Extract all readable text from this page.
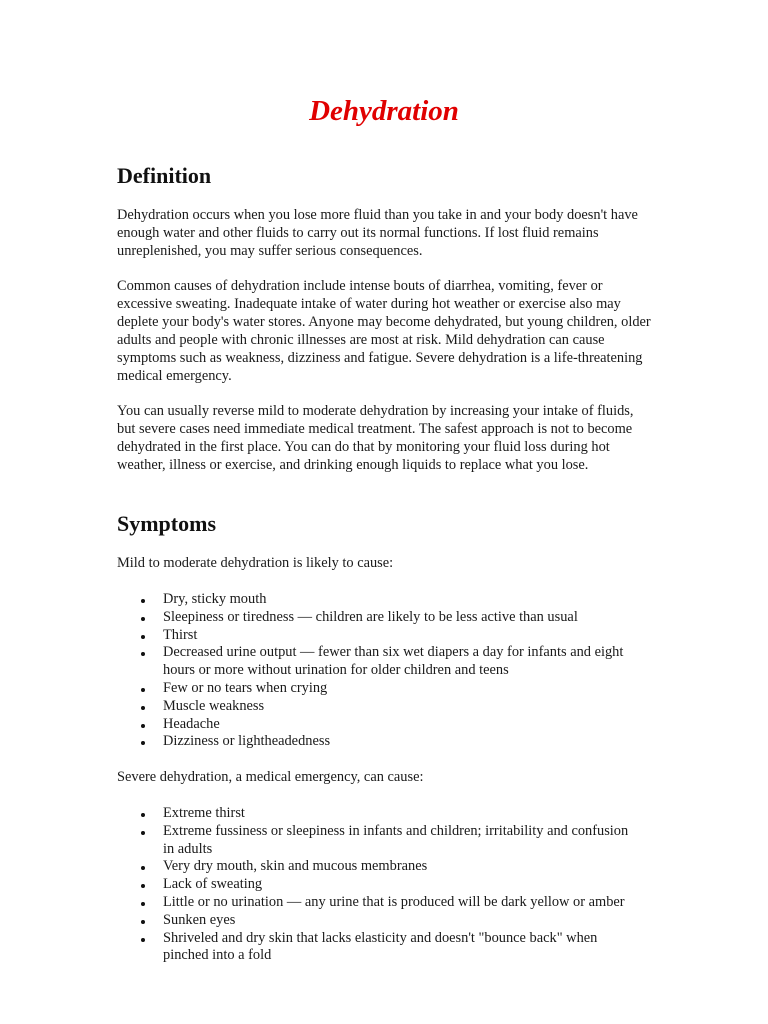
Dehydration
Definition

Dehydration occurs when you lose more fluid than you take in and your body doesn't have enough water and other fluids to carry out its normal functions. If lost fluid remains unreplenished, you may suffer serious consequences.

Common causes of dehydration include intense bouts of diarrhea, vomiting, fever or excessive sweating. Inadequate intake of water during hot weather or exercise also may deplete your body's water stores. Anyone may become dehydrated, but young children, older adults and people with chronic illnesses are most at risk. Mild dehydration can cause symptoms such as weakness, dizziness and fatigue. Severe dehydration is a life-threatening medical emergency.

You can usually reverse mild to moderate dehydration by increasing your intake of fluids, but severe cases need immediate medical treatment. The safest approach is not to become dehydrated in the first place. You can do that by monitoring your fluid loss during hot weather, illness or exercise, and drinking enough liquids to replace what you lose.

Symptoms

Mild to moderate dehydration is likely to cause:

Dry, sticky mouth
Sleepiness or tiredness — children are likely to be less active than usual
Thirst
Decreased urine output — fewer than six wet diapers a day for infants and eight hours or more without urination for older children and teens
Few or no tears when crying
Muscle weakness
Headache
Dizziness or lightheadedness

Severe dehydration, a medical emergency, can cause:

Extreme thirst
Extreme fussiness or sleepiness in infants and children; irritability and confusion in adults
Very dry mouth, skin and mucous membranes
Lack of sweating
Little or no urination — any urine that is produced will be dark yellow or amber
Sunken eyes
Shriveled and dry skin that lacks elasticity and doesn't "bounce back" when pinched into a fold
